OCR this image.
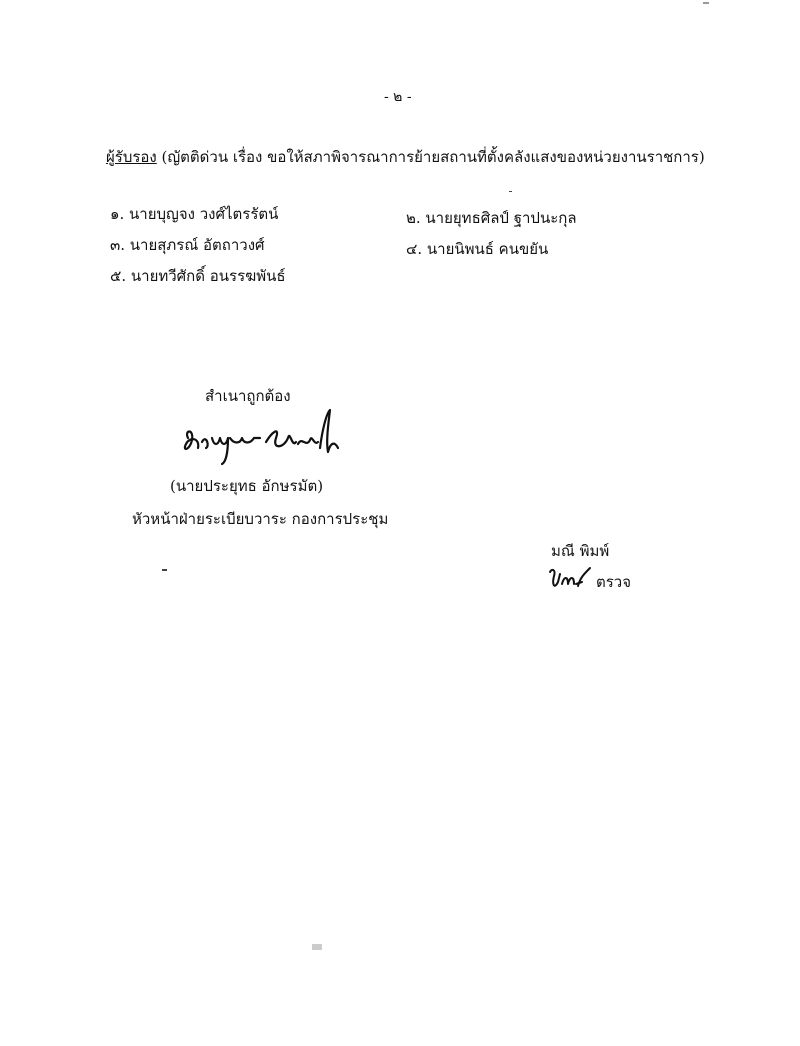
- ๒ -
ผู้รับรอง (ญัตติด่วน เรื่อง ขอให้สภาพิจารณาการย้ายสถานที่ตั้งคลังแสงของหน่วยงานราชการ)
๑. นายบุญจง วงศ์ไตรรัตน์	๒. นายยุทธศิลป์ ฐาปนะกุล
๓. นายสุภรณ์ อัตถาวงศ์	๔. นายนิพนธ์ คนขยัน
๕. นายทวีศักดิ์ อนรรฆพันธ์
สำเนาถูกต้อง
(นายประยุทธ อักษรมัต)
หัวหน้าฝ่ายระเบียบวาระ กองการประชุม
มณี พิมพ์
ตรวจ
